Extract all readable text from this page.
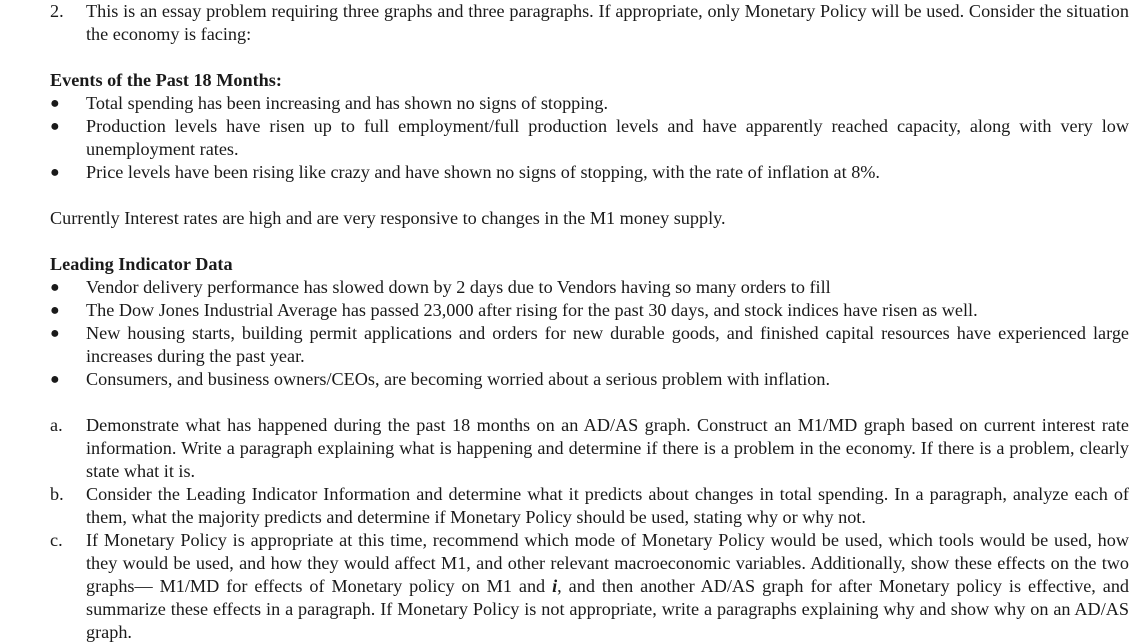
2. This is an essay problem requiring three graphs and three paragraphs. If appropriate, only Monetary Policy will be used. Consider the situation the economy is facing:
Events of the Past 18 Months:
● Total spending has been increasing and has shown no signs of stopping.
● Production levels have risen up to full employment/full production levels and have apparently reached capacity, along with very low unemployment rates.
● Price levels have been rising like crazy and have shown no signs of stopping, with the rate of inflation at 8%.
Currently Interest rates are high and are very responsive to changes in the M1 money supply.
Leading Indicator Data
● Vendor delivery performance has slowed down by 2 days due to Vendors having so many orders to fill
● The Dow Jones Industrial Average has passed 23,000 after rising for the past 30 days, and stock indices have risen as well.
● New housing starts, building permit applications and orders for new durable goods, and finished capital resources have experienced large increases during the past year.
● Consumers, and business owners/CEOs, are becoming worried about a serious problem with inflation.
a. Demonstrate what has happened during the past 18 months on an AD/AS graph. Construct an M1/MD graph based on current interest rate information. Write a paragraph explaining what is happening and determine if there is a problem in the economy. If there is a problem, clearly state what it is.
b. Consider the Leading Indicator Information and determine what it predicts about changes in total spending. In a paragraph, analyze each of them, what the majority predicts and determine if Monetary Policy should be used, stating why or why not.
c. If Monetary Policy is appropriate at this time, recommend which mode of Monetary Policy would be used, which tools would be used, how they would be used, and how they would affect M1, and other relevant macroeconomic variables. Additionally, show these effects on the two graphs— M1/MD for effects of Monetary policy on M1 and i, and then another AD/AS graph for after Monetary policy is effective, and summarize these effects in a paragraph. If Monetary Policy is not appropriate, write a paragraphs explaining why and show why on an AD/AS graph.
